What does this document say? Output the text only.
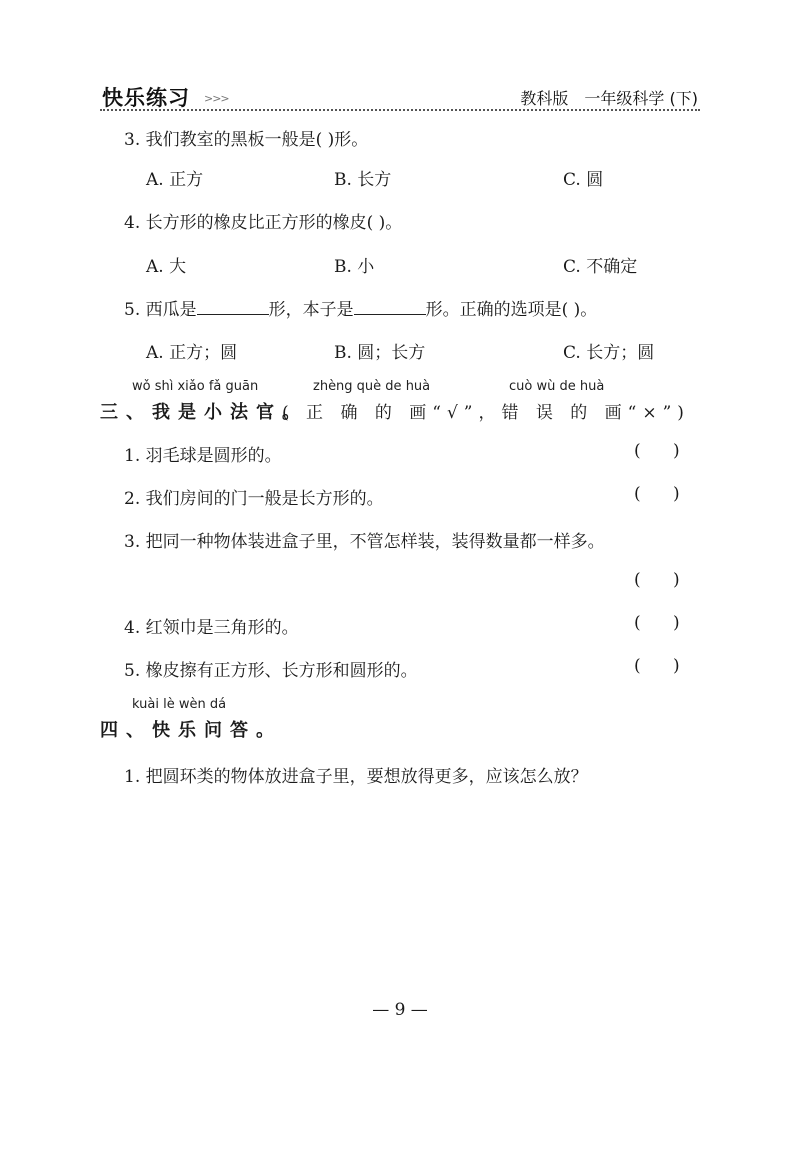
快乐练习 >>>	教科版 一年级科学 (下)
3. 我们教室的黑板一般是( )形。
A. 正方	B. 长方	C. 圆
4. 长方形的橡皮比正方形的橡皮( )。
A. 大	B. 小	C. 不确定
5. 西瓜是	形，本子是	形。正确的选项是( )。
A. 正方；圆	B. 圆；长方	C. 长方；圆
wǒ shì xiǎo fǎ guān	zhèng què de huà	cuò wù de huà
三、我是小法官。
( 正 确 的 画“√”，错 误 的 画“×”)
1. 羽毛球是圆形的。	(      )
2. 我们房间的门一般是长方形的。	(      )
3. 把同一种物体装进盒子里，不管怎样装，装得数量都一样多。
(      )
4. 红领巾是三角形的。	(      )
5. 橡皮擦有正方形、长方形和圆形的。	(      )
kuài lè wèn dá
四、快乐问答。
1. 把圆环类的物体放进盒子里，要想放得更多，应该怎么放？
— 9 —
